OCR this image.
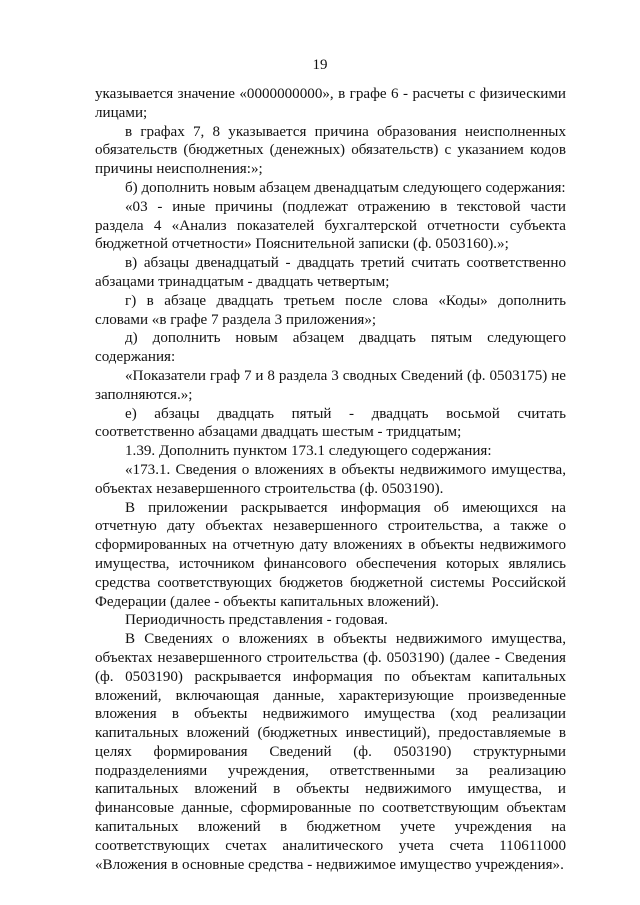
19

указывается значение «0000000000», в графе 6 - расчеты с физическими лицами;

в графах 7, 8 указывается причина образования неисполненных обязательств (бюджетных (денежных) обязательств) с указанием кодов причины неисполнения:»;

б) дополнить новым абзацем двенадцатым следующего содержания:

«03 - иные причины (подлежат отражению в текстовой части раздела 4 «Анализ показателей бухгалтерской отчетности субъекта бюджетной отчетности» Пояснительной записки (ф. 0503160).»;

в) абзацы двенадцатый - двадцать третий считать соответственно абзацами тринадцатым - двадцать четвертым;

г) в абзаце двадцать третьем после слова «Коды» дополнить словами «в графе 7 раздела 3 приложения»;

д) дополнить новым абзацем двадцать пятым следующего содержания:

«Показатели граф 7 и 8 раздела 3 сводных Сведений (ф. 0503175) не заполняются.»;

е) абзацы двадцать пятый - двадцать восьмой считать соответственно абзацами двадцать шестым - тридцатым;

1.39. Дополнить пунктом 173.1 следующего содержания:

«173.1. Сведения о вложениях в объекты недвижимого имущества, объектах незавершенного строительства (ф. 0503190).

В приложении раскрывается информация об имеющихся на отчетную дату объектах незавершенного строительства, а также о сформированных на отчетную дату вложениях в объекты недвижимого имущества, источником финансового обеспечения которых являлись средства соответствующих бюджетов бюджетной системы Российской Федерации (далее - объекты капитальных вложений).

Периодичность представления - годовая.

В Сведениях о вложениях в объекты недвижимого имущества, объектах незавершенного строительства (ф. 0503190) (далее - Сведения (ф. 0503190) раскрывается информация по объектам капитальных вложений, включающая данные, характеризующие произведенные вложения в объекты недвижимого имущества (ход реализации капитальных вложений (бюджетных инвестиций), предоставляемые в целях формирования Сведений (ф. 0503190) структурными подразделениями учреждения, ответственными за реализацию капитальных вложений в объекты недвижимого имущества, и финансовые данные, сформированные по соответствующим объектам капитальных вложений в бюджетном учете учреждения на соответствующих счетах аналитического учета счета 110611000 «Вложения в основные средства - недвижимое имущество учреждения».
